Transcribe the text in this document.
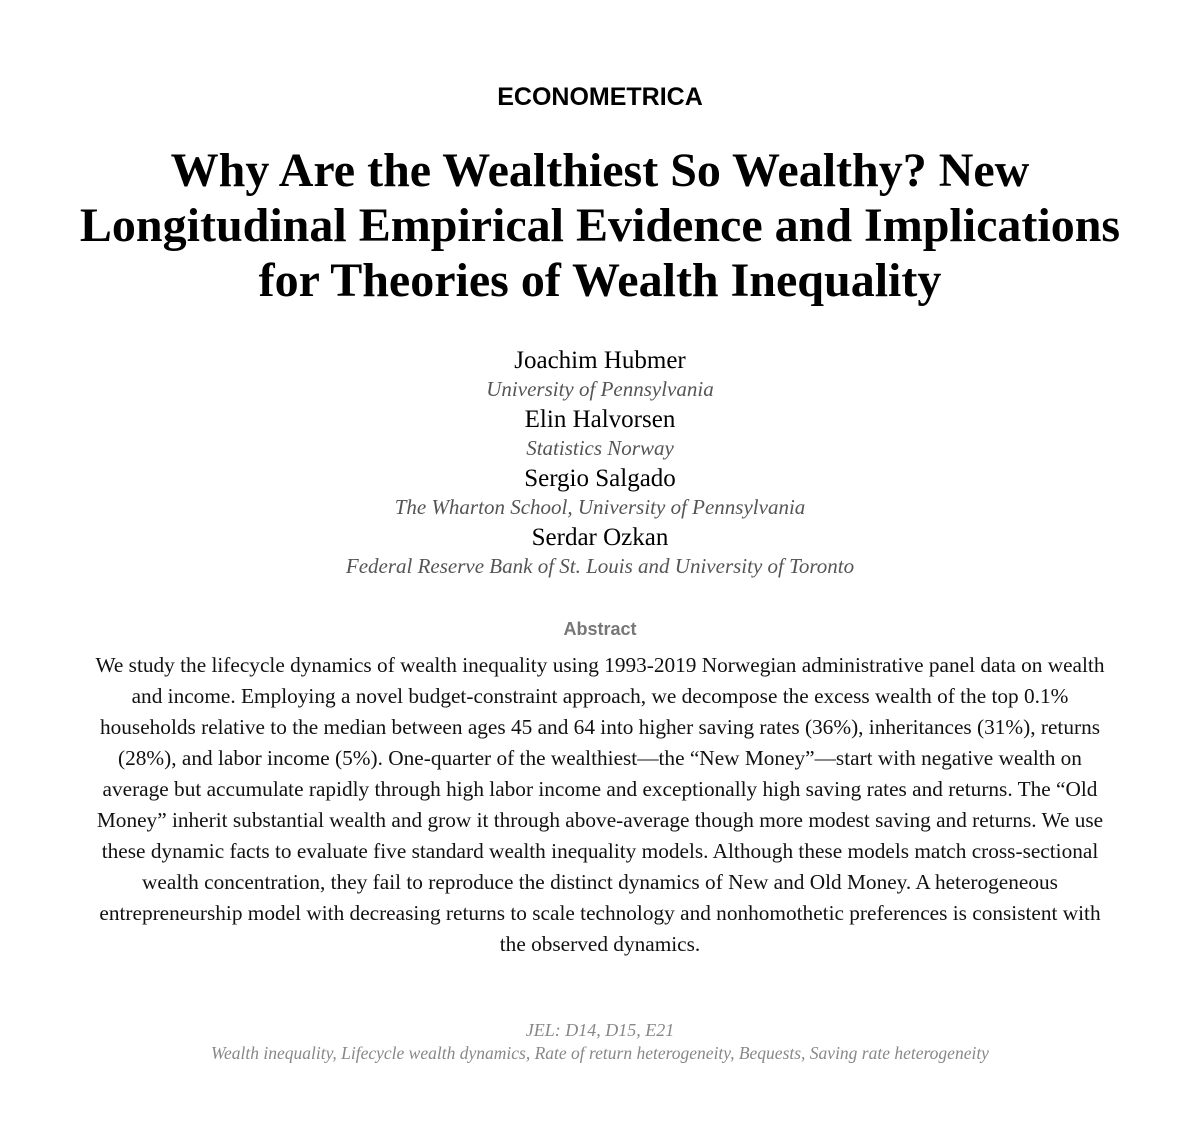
ECONOMETRICA
Why Are the Wealthiest So Wealthy? New Longitudinal Empirical Evidence and Implications for Theories of Wealth Inequality
Joachim Hubmer
University of Pennsylvania
Elin Halvorsen
Statistics Norway
Sergio Salgado
The Wharton School, University of Pennsylvania
Serdar Ozkan
Federal Reserve Bank of St. Louis and University of Toronto
Abstract
We study the lifecycle dynamics of wealth inequality using 1993-2019 Norwegian administrative panel data on wealth and income. Employing a novel budget-constraint approach, we decompose the excess wealth of the top 0.1% households relative to the median between ages 45 and 64 into higher saving rates (36%), inheritances (31%), returns (28%), and labor income (5%). One-quarter of the wealthiest—the “New Money”—start with negative wealth on average but accumulate rapidly through high labor income and exceptionally high saving rates and returns. The “Old Money” inherit substantial wealth and grow it through above-average though more modest saving and returns. We use these dynamic facts to evaluate five standard wealth inequality models. Although these models match cross-sectional wealth concentration, they fail to reproduce the distinct dynamics of New and Old Money. A heterogeneous entrepreneurship model with decreasing returns to scale technology and nonhomothetic preferences is consistent with the observed dynamics.
JEL: D14, D15, E21
Wealth inequality, Lifecycle wealth dynamics, Rate of return heterogeneity, Bequests, Saving rate heterogeneity
